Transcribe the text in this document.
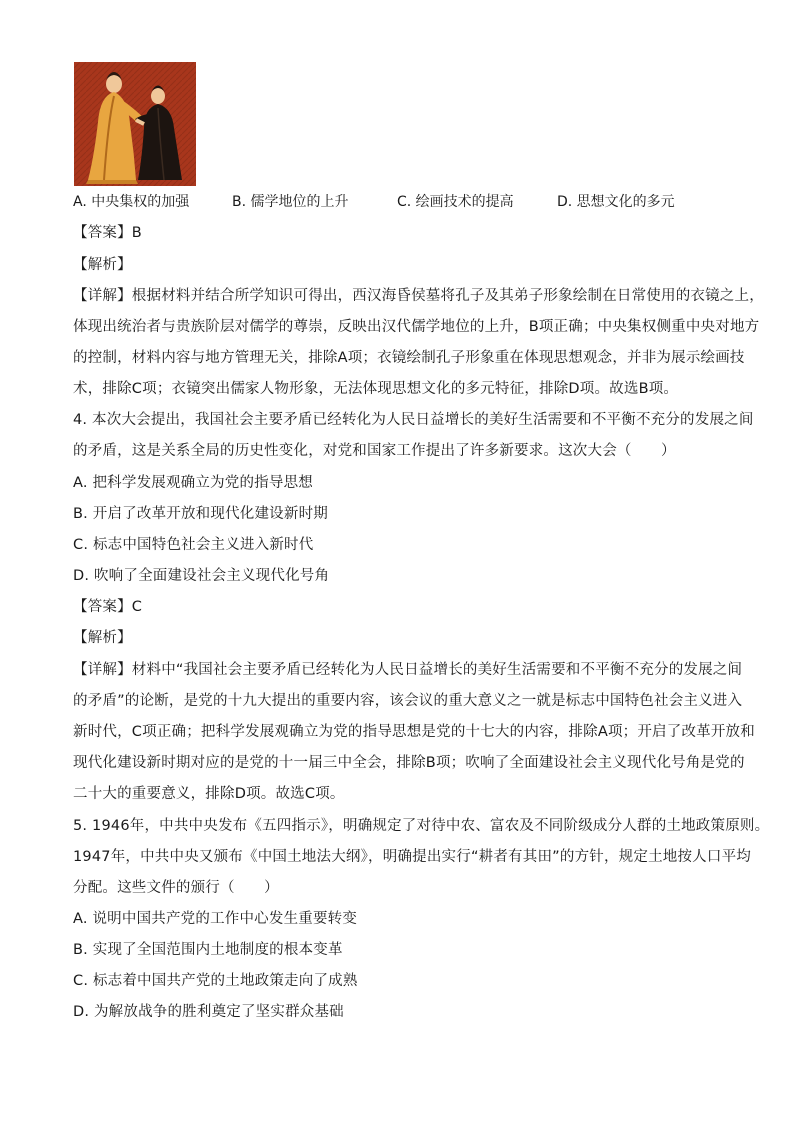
A. 中央集权的加强	B. 儒学地位的上升	C. 绘画技术的提高	D. 思想文化的多元
【答案】B
【解析】
【详解】根据材料并结合所学知识可得出，西汉海昏侯墓将孔子及其弟子形象绘制在日常使用的衣镜之上，
体现出统治者与贵族阶层对儒学的尊崇，反映出汉代儒学地位的上升，B项正确；中央集权侧重中央对地方
的控制，材料内容与地方管理无关，排除A项；衣镜绘制孔子形象重在体现思想观念，并非为展示绘画技
术，排除C项；衣镜突出儒家人物形象，无法体现思想文化的多元特征，排除D项。故选B项。
4. 本次大会提出，我国社会主要矛盾已经转化为人民日益增长的美好生活需要和不平衡不充分的发展之间
的矛盾，这是关系全局的历史性变化，对党和国家工作提出了许多新要求。这次大会（　　）
A. 把科学发展观确立为党的指导思想
B. 开启了改革开放和现代化建设新时期
C. 标志中国特色社会主义进入新时代
D. 吹响了全面建设社会主义现代化号角
【答案】C
【解析】
【详解】材料中“我国社会主要矛盾已经转化为人民日益增长的美好生活需要和不平衡不充分的发展之间
的矛盾”的论断，是党的十九大提出的重要内容，该会议的重大意义之一就是标志中国特色社会主义进入
新时代，C项正确；把科学发展观确立为党的指导思想是党的十七大的内容，排除A项；开启了改革开放和
现代化建设新时期对应的是党的十一届三中全会，排除B项；吹响了全面建设社会主义现代化号角是党的
二十大的重要意义，排除D项。故选C项。
5. 1946年，中共中央发布《五四指示》，明确规定了对待中农、富农及不同阶级成分人群的土地政策原则。
1947年，中共中央又颁布《中国土地法大纲》，明确提出实行“耕者有其田”的方针，规定土地按人口平均
分配。这些文件的颁行（　　）
A. 说明中国共产党的工作中心发生重要转变
B. 实现了全国范围内土地制度的根本变革
C. 标志着中国共产党的土地政策走向了成熟
D. 为解放战争的胜利奠定了坚实群众基础
